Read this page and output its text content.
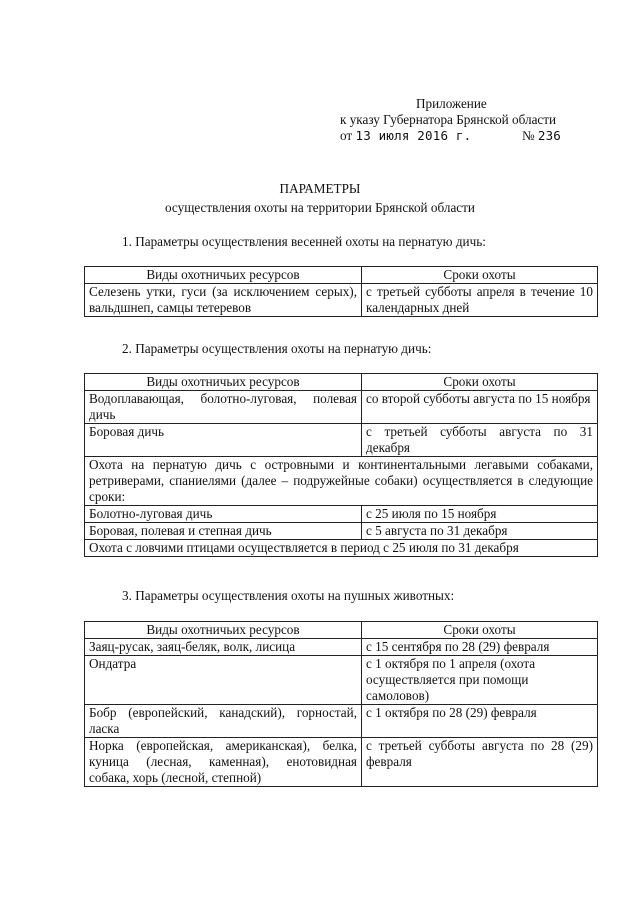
Приложение
к указу Губернатора Брянской области
от 13 июля 2016 г.	№ 236
ПАРАМЕТРЫ
осуществления охоты на территории Брянской области
1. Параметры осуществления весенней охоты на пернатую дичь:
Виды охотничьих ресурсов	Сроки охоты
Селезень утки, гуси (за исключением серых), вальдшнеп, самцы тетеревов	с третьей субботы апреля в течение 10 календарных дней
2. Параметры осуществления охоты на пернатую дичь:
Виды охотничьих ресурсов	Сроки охоты
Водоплавающая, болотно-луговая, полевая дичь	со второй субботы августа по 15 ноября
Боровая дичь	с третьей субботы августа по 31 декабря
Охота на пернатую дичь с островными и континентальными легавыми собаками, ретриверами, спаниелями (далее – подружейные собаки) осуществляется в следующие сроки:	
Болотно-луговая дичь	с 25 июля по 15 ноября
Боровая, полевая и степная дичь	с 5 августа по 31 декабря
Охота с ловчими птицами осуществляется в период с 25 июля по 31 декабря	
3. Параметры осуществления охоты на пушных животных:
Виды охотничьих ресурсов	Сроки охоты
Заяц-русак, заяц-беляк, волк, лисица	с 15 сентября по 28 (29) февраля
Ондатра	с 1 октября по 1 апреля (охота осуществляется при помощи самоловов)
Бобр (европейский, канадский), горностай, ласка	с 1 октября по 28 (29) февраля
Норка (европейская, американская), белка, куница (лесная, каменная), енотовидная собака, хорь (лесной, степной)	с третьей субботы августа по 28 (29) февраля
